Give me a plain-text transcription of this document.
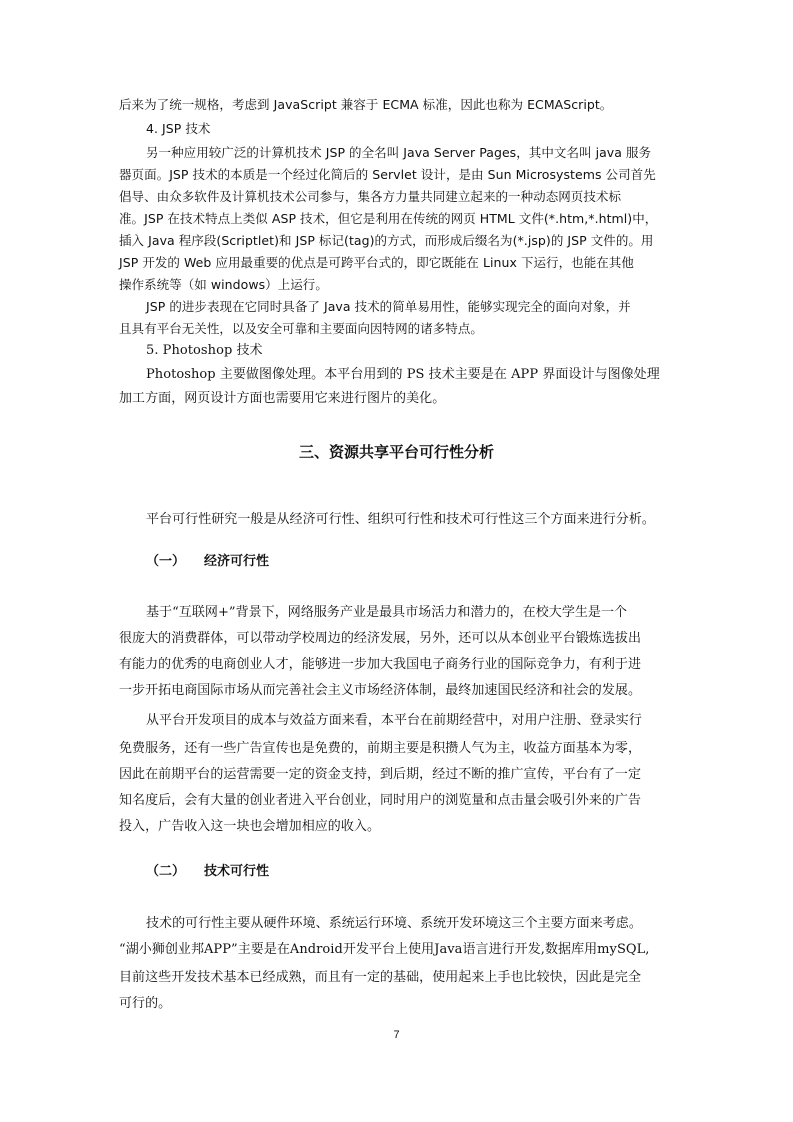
后来为了统一规格，考虑到 JavaScript 兼容于 ECMA 标准，因此也称为 ECMAScript。
4. JSP 技术
另一种应用较广泛的计算机技术 JSP 的全名叫 Java Server Pages，其中文名叫 java 服务
器页面。JSP 技术的本质是一个经过化简后的 Servlet 设计，是由 Sun Microsystems 公司首先
倡导、由众多软件及计算机技术公司参与，集各方力量共同建立起来的一种动态网页技术标
准。JSP 在技术特点上类似 ASP 技术，但它是利用在传统的网页 HTML 文件(*.htm,*.html)中，
插入 Java 程序段(Scriptlet)和 JSP 标记(tag)的方式，而形成后缀名为(*.jsp)的 JSP 文件的。用
JSP 开发的 Web 应用最重要的优点是可跨平台式的，即它既能在 Linux 下运行，也能在其他
操作系统等（如 windows）上运行。
JSP 的进步表现在它同时具备了 Java 技术的简单易用性，能够实现完全的面向对象，并
且具有平台无关性，以及安全可靠和主要面向因特网的诸多特点。
5. Photoshop 技术
Photoshop 主要做图像处理。本平台用到的 PS 技术主要是在 APP 界面设计与图像处理
加工方面，网页设计方面也需要用它来进行图片的美化。
三、资源共享平台可行性分析
平台可行性研究一般是从经济可行性、组织可行性和技术可行性这三个方面来进行分析。
（一） 经济可行性
基于“互联网+”背景下，网络服务产业是最具市场活力和潜力的，在校大学生是一个
很庞大的消费群体，可以带动学校周边的经济发展，另外，还可以从本创业平台锻炼选拔出
有能力的优秀的电商创业人才，能够进一步加大我国电子商务行业的国际竞争力，有利于进
一步开拓电商国际市场从而完善社会主义市场经济体制，最终加速国民经济和社会的发展。
从平台开发项目的成本与效益方面来看，本平台在前期经营中，对用户注册、登录实行
免费服务，还有一些广告宣传也是免费的，前期主要是积攒人气为主，收益方面基本为零，
因此在前期平台的运营需要一定的资金支持，到后期，经过不断的推广宣传，平台有了一定
知名度后，会有大量的创业者进入平台创业，同时用户的浏览量和点击量会吸引外来的广告
投入，广告收入这一块也会增加相应的收入。
（二） 技术可行性
技术的可行性主要从硬件环境、系统运行环境、系统开发环境这三个主要方面来考虑。
“湖小狮创业邦APP”主要是在Android开发平台上使用Java语言进行开发,数据库用mySQL,
目前这些开发技术基本已经成熟，而且有一定的基础，使用起来上手也比较快，因此是完全
可行的。
7
